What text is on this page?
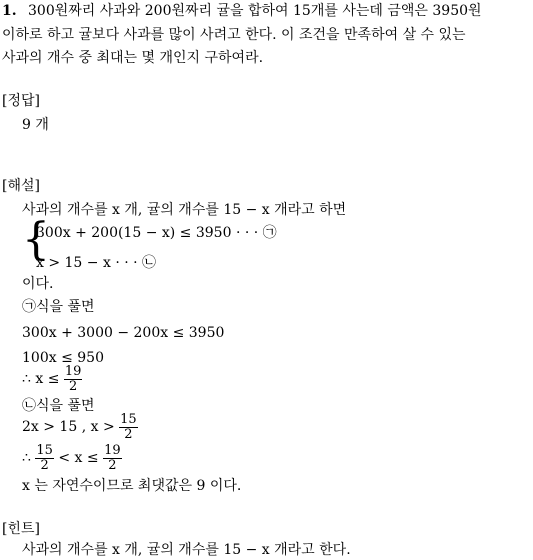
1. 300원짜리 사과와 200원짜리 귤을 합하여 15개를 사는데 금액은 3950원
이하로 하고 귤보다 사과를 많이 사려고 한다. 이 조건을 만족하여 살 수 있는
사과의 개수 중 최대는 몇 개인지 구하여라.
[정답]
9 개
[해설]
사과의 개수를 x 개, 귤의 개수를 15 − x 개라고 하면
{
300x + 200(15 − x) ≤ 3950 · · · ㉠
x > 15 − x · · · ㉡
이다.
㉠식을 풀면
300x + 3000 − 200x ≤ 3950
100x ≤ 950
∴ $x \le \frac{19}{2}$
㉡식을 풀면
2x > 15 , $x > \frac{15}{2}$
∴ $\frac{15}{2} < x \le \frac{19}{2}$
x 는 자연수이므로 최댓값은 9 이다.
[힌트]
사과의 개수를 x 개, 귤의 개수를 15 − x 개라고 한다.
